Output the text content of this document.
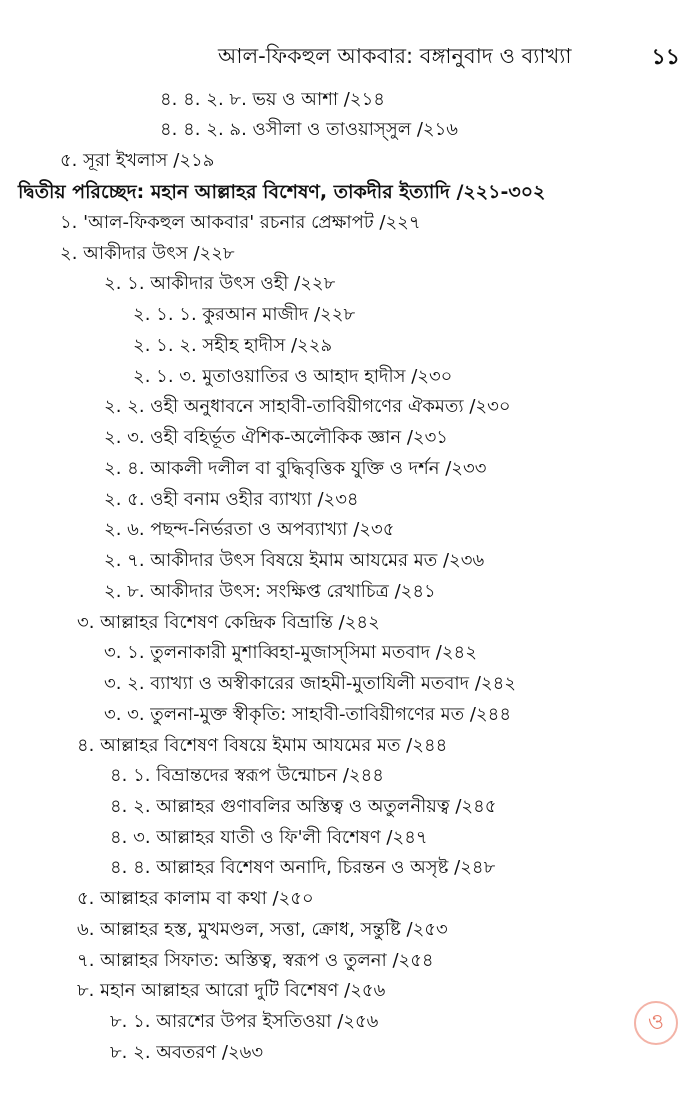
আল-ফিকহুল আকবার: বঙ্গানুবাদ ও ব্যাখ্যা	১১
৪. ৪. ২. ৮. ভয় ও আশা /২১৪
৪. ৪. ২. ৯. ওসীলা ও তাওয়াস্‌সুল /২১৬
৫. সূরা ইখলাস /২১৯
দ্বিতীয় পরিচ্ছেদ: মহান আল্লাহর বিশেষণ, তাকদীর ইত্যাদি /২২১-৩০২
১. 'আল-ফিকহুল আকবার' রচনার প্রেক্ষাপট /২২৭
২. আকীদার উৎস /২২৮
২. ১. আকীদার উৎস ওহী /২২৮
২. ১. ১. কুরআন মাজীদ /২২৮
২. ১. ২. সহীহ হাদীস /২২৯
২. ১. ৩. মুতাওয়াতির ও আহাদ হাদীস /২৩০
২. ২. ওহী অনুধাবনে সাহাবী-তাবিয়ীগণের ঐকমত্য /২৩০
২. ৩. ওহী বহির্ভূত ঐশিক-অলৌকিক জ্ঞান /২৩১
২. ৪. আকলী দলীল বা বুদ্ধিবৃত্তিক যুক্তি ও দর্শন /২৩৩
২. ৫. ওহী বনাম ওহীর ব্যাখ্যা /২৩৪
২. ৬. পছন্দ-নির্ভরতা ও অপব্যাখ্যা /২৩৫
২. ৭. আকীদার উৎস বিষয়ে ইমাম আযমের মত /২৩৬
২. ৮. আকীদার উৎস: সংক্ষিপ্ত রেখাচিত্র /২৪১
৩. আল্লাহর বিশেষণ কেন্দ্রিক বিভ্রান্তি /২৪২
৩. ১. তুলনাকারী মুশাব্বিহা-মুজাস্‌সিমা মতবাদ /২৪২
৩. ২. ব্যাখ্যা ও অস্বীকারের জাহমী-মুতাযিলী মতবাদ /২৪২
৩. ৩. তুলনা-মুক্ত স্বীকৃতি: সাহাবী-তাবিয়ীগণের মত /২৪৪
৪. আল্লাহর বিশেষণ বিষয়ে ইমাম আযমের মত /২৪৪
৪. ১. বিভ্রান্তদের স্বরূপ উন্মোচন /২৪৪
৪. ২. আল্লাহর গুণাবলির অস্তিত্ব ও অতুলনীয়ত্ব /২৪৫
৪. ৩. আল্লাহর যাতী ও ফি'লী বিশেষণ /২৪৭
৪. ৪. আল্লাহর বিশেষণ অনাদি, চিরন্তন ও অসৃষ্ট /২৪৮
৫. আল্লাহর কালাম বা কথা /২৫০
৬. আল্লাহর হস্ত, মুখমণ্ডল, সত্তা, ক্রোধ, সন্তুষ্টি /২৫৩
৭. আল্লাহর সিফাত: অস্তিত্ব, স্বরূপ ও তুলনা /২৫৪
৮. মহান আল্লাহর আরো দুটি বিশেষণ /২৫৬
৮. ১. আরশের উপর ইসতিওয়া /২৫৬
৮. ২. অবতরণ /২৬৩
ও
